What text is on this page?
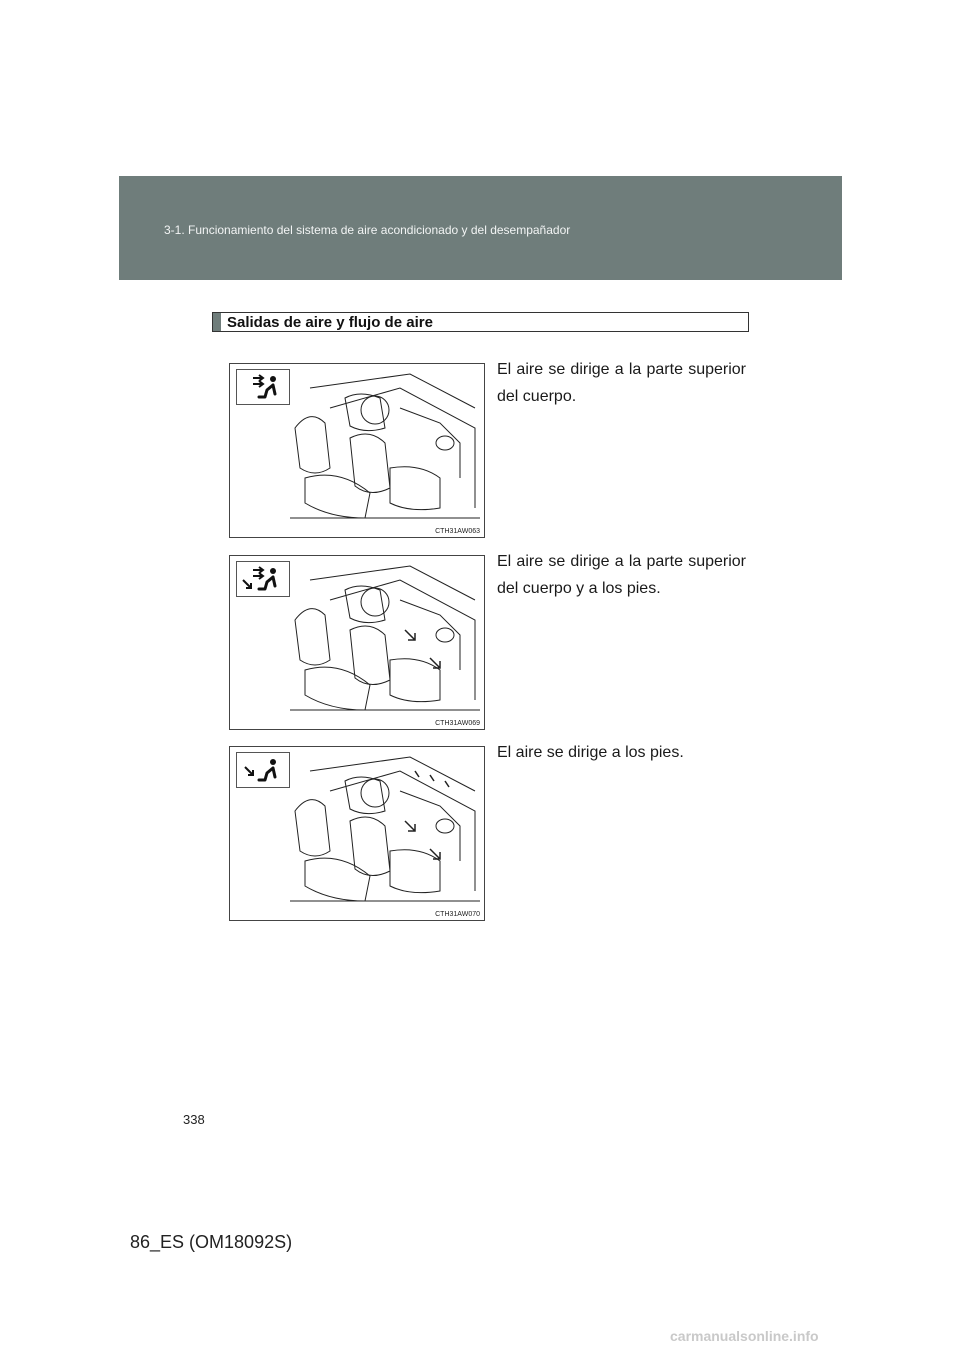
3-1. Funcionamiento del sistema de aire acondicionado y del desempañador
Salidas de aire y flujo de aire
CTH31AW063
El aire se dirige a la parte superior del cuerpo.
CTH31AW069
El aire se dirige a la parte superior del cuerpo y a los pies.
CTH31AW070
El aire se dirige a los pies.
338
86_ES (OM18092S)
carmanualsonline.info
